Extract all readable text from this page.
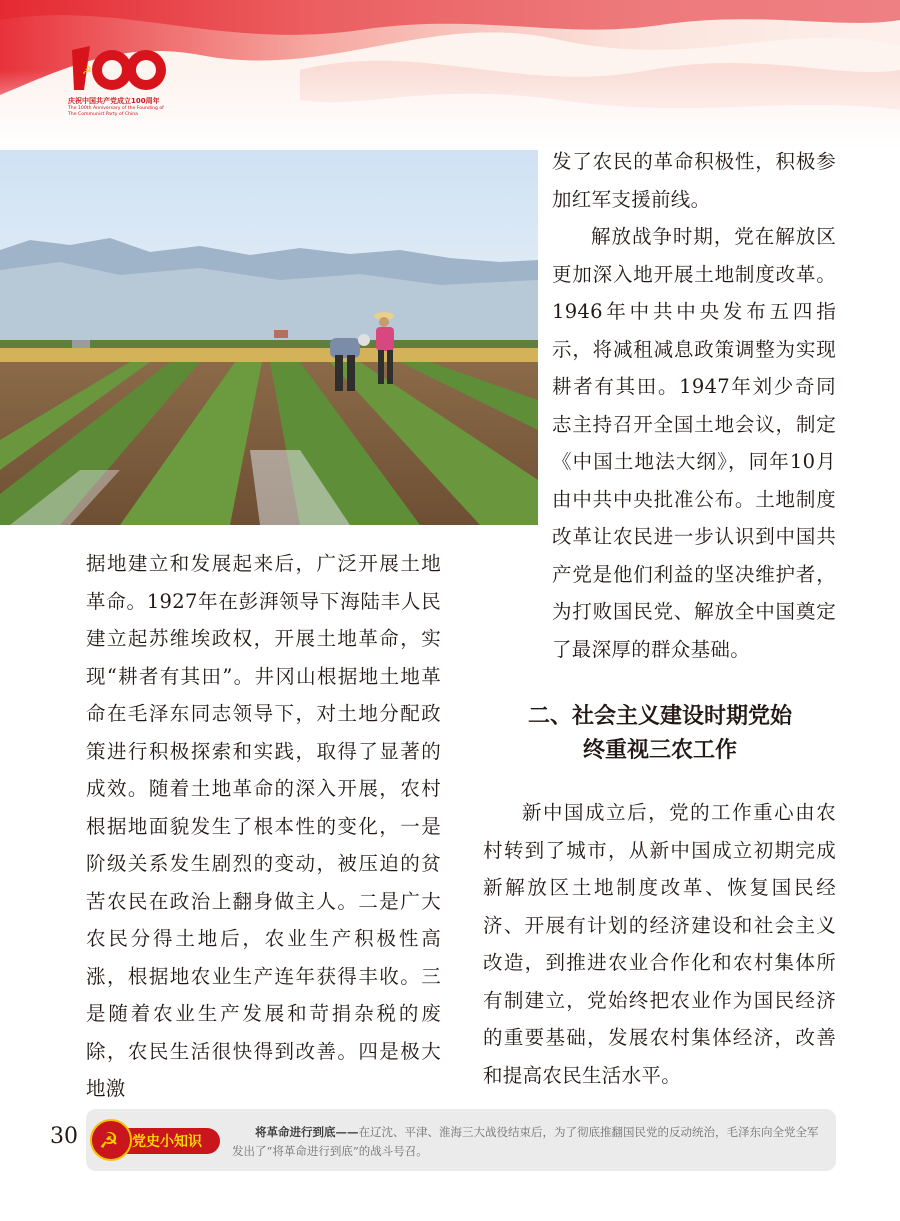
☭ 1921	2021
庆祝中国共产党成立100周年
The 100th Anniversary of the Founding of
The Communist Party of China

发了农民的革命积极性，积极参加红军支援前线。

解放战争时期，党在解放区更加深入地开展土地制度改革。1946年中共中央发布五四指示，将减租减息政策调整为实现耕者有其田。1947年刘少奇同志主持召开全国土地会议，制定《中国土地法大纲》，同年10月由中共中央批准公布。土地制度改革让农民进一步认识到中国共产党是他们利益的坚决维护者，为打败国民党、解放全中国奠定了最深厚的群众基础。

据地建立和发展起来后，广泛开展土地革命。1927年在彭湃领导下海陆丰人民建立起苏维埃政权，开展土地革命，实现“耕者有其田”。井冈山根据地土地革命在毛泽东同志领导下，对土地分配政策进行积极探索和实践，取得了显著的成效。随着土地革命的深入开展，农村根据地面貌发生了根本性的变化，一是阶级关系发生剧烈的变动，被压迫的贫苦农民在政治上翻身做主人。二是广大农民分得土地后，农业生产积极性高涨，根据地农业生产连年获得丰收。三是随着农业生产发展和苛捐杂税的废除，农民生活很快得到改善。四是极大地激

二、社会主义建设时期党始
终重视三农工作

新中国成立后，党的工作重心由农村转到了城市，从新中国成立初期完成新解放区土地制度改革、恢复国民经济、开展有计划的经济建设和社会主义改造，到推进农业合作化和农村集体所有制建立，党始终把农业作为国民经济的重要基础，发展农村集体经济，改善和提高农民生活水平。

30 ☭ 党史小知识
将革命进行到底——在辽沈、平津、淮海三大战役结束后，为了彻底推翻国民党的反动统治，毛泽东向全党全军发出了“将革命进行到底”的战斗号召。
